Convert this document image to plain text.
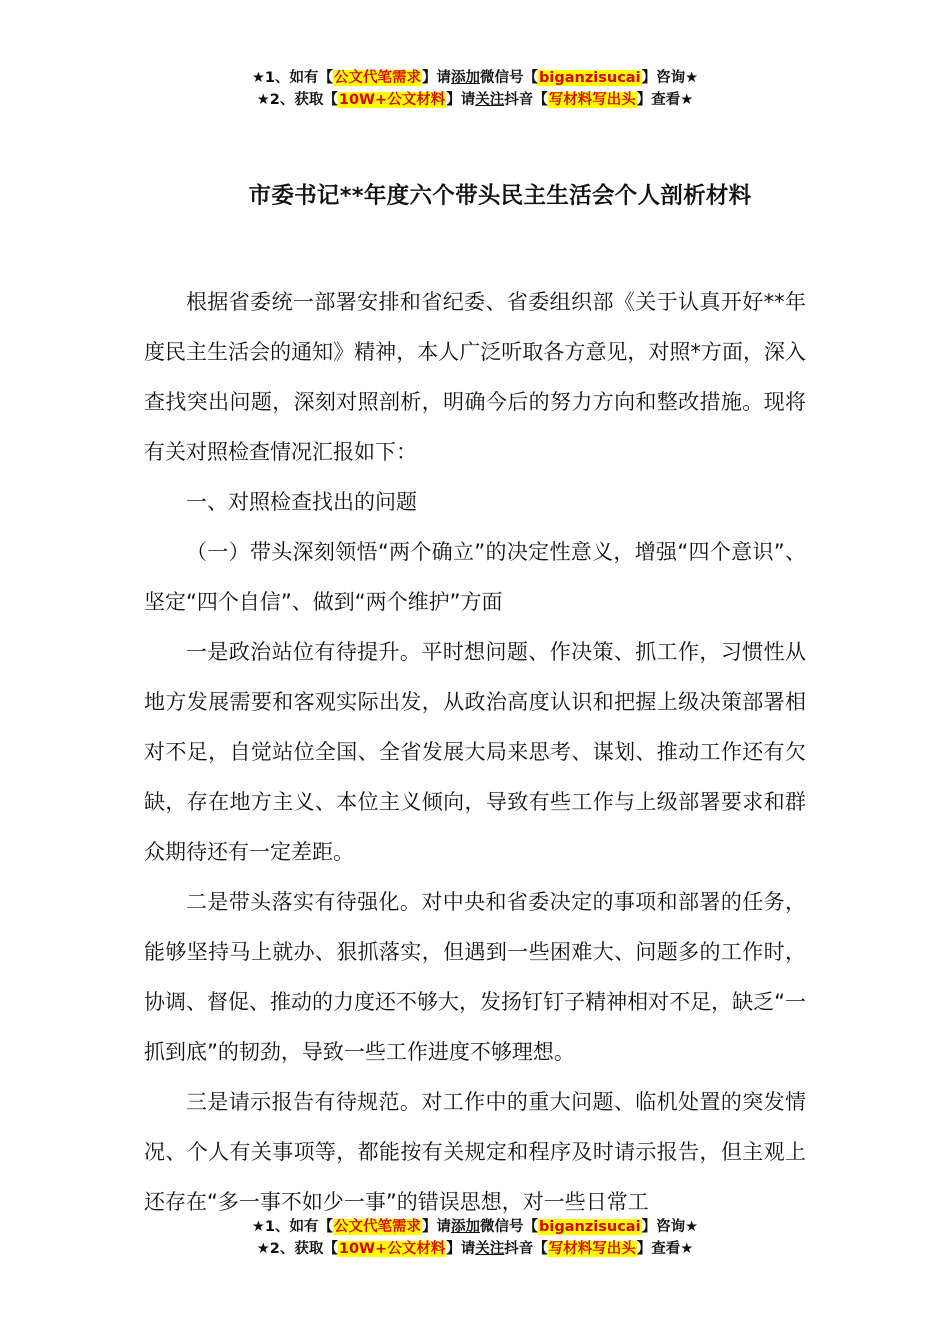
★1、如有【公文代笔需求】请添加微信号【biganzisucai】咨询★
★2、获取【10W+公文材料】请关注抖音【写材料写出头】查看★
市委书记**年度六个带头民主生活会个人剖析材料

根据省委统一部署安排和省纪委、省委组织部《关于认真开好**年度民主生活会的通知》精神，本人广泛听取各方意见，对照*方面，深入查找突出问题，深刻对照剖析，明确今后的努力方向和整改措施。现将有关对照检查情况汇报如下：

一、对照检查找出的问题

（一）带头深刻领悟“两个确立”的决定性意义，增强“四个意识”、坚定“四个自信”、做到“两个维护”方面

一是政治站位有待提升。平时想问题、作决策、抓工作，习惯性从地方发展需要和客观实际出发，从政治高度认识和把握上级决策部署相对不足，自觉站位全国、全省发展大局来思考、谋划、推动工作还有欠缺，存在地方主义、本位主义倾向，导致有些工作与上级部署要求和群众期待还有一定差距。

二是带头落实有待强化。对中央和省委决定的事项和部署的任务，能够坚持马上就办、狠抓落实，但遇到一些困难大、问题多的工作时，协调、督促、推动的力度还不够大，发扬钉钉子精神相对不足，缺乏“一抓到底”的韧劲，导致一些工作进度不够理想。

三是请示报告有待规范。对工作中的重大问题、临机处置的突发情况、个人有关事项等，都能按有关规定和程序及时请示报告，但主观上还存在“多一事不如少一事”的错误思想，对一些日常工

★1、如有【公文代笔需求】请添加微信号【biganzisucai】咨询★
★2、获取【10W+公文材料】请关注抖音【写材料写出头】查看★
